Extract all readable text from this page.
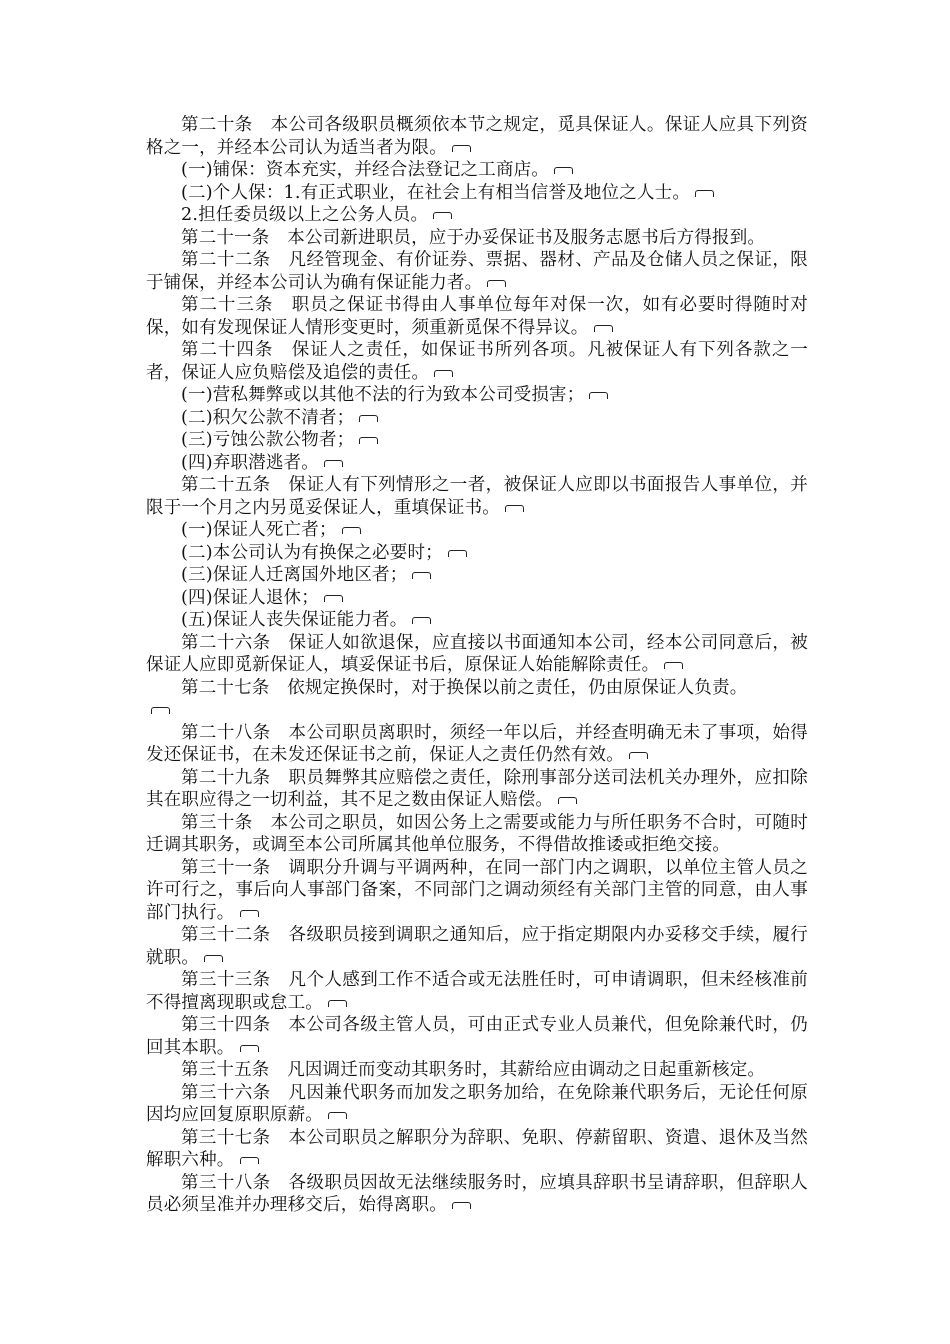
第二十条　本公司各级职员概须依本节之规定，觅具保证人。保证人应具下列资格之一，并经本公司认为适当者为限。

(一)铺保：资本充实，并经合法登记之工商店。

(二)个人保：1.有正式职业，在社会上有相当信誉及地位之人士。

2.担任委员级以上之公务人员。

第二十一条　本公司新进职员，应于办妥保证书及服务志愿书后方得报到。

第二十二条　凡经管现金、有价证券、票据、器材、产品及仓储人员之保证，限于铺保，并经本公司认为确有保证能力者。

第二十三条　职员之保证书得由人事单位每年对保一次，如有必要时得随时对保，如有发现保证人情形变更时，须重新觅保不得异议。

第二十四条　保证人之责任，如保证书所列各项。凡被保证人有下列各款之一者，保证人应负赔偿及追偿的责任。

(一)营私舞弊或以其他不法的行为致本公司受损害；

(二)积欠公款不清者；

(三)亏蚀公款公物者；

(四)弃职潜逃者。

第二十五条　保证人有下列情形之一者，被保证人应即以书面报告人事单位，并限于一个月之内另觅妥保证人，重填保证书。

(一)保证人死亡者；

(二)本公司认为有换保之必要时；

(三)保证人迁离国外地区者；

(四)保证人退休；

(五)保证人丧失保证能力者。

第二十六条　保证人如欲退保，应直接以书面通知本公司，经本公司同意后，被保证人应即觅新保证人，填妥保证书后，原保证人始能解除责任。

第二十七条　依规定换保时，对于换保以前之责任，仍由原保证人负责。

第二十八条　本公司职员离职时，须经一年以后，并经查明确无未了事项，始得发还保证书，在未发还保证书之前，保证人之责任仍然有效。

第二十九条　职员舞弊其应赔偿之责任，除刑事部分送司法机关办理外，应扣除其在职应得之一切利益，其不足之数由保证人赔偿。

第三十条　本公司之职员，如因公务上之需要或能力与所任职务不合时，可随时迁调其职务，或调至本公司所属其他单位服务，不得借故推诿或拒绝交接。

第三十一条　调职分升调与平调两种，在同一部门内之调职，以单位主管人员之许可行之，事后向人事部门备案，不同部门之调动须经有关部门主管的同意，由人事部门执行。

第三十二条　各级职员接到调职之通知后，应于指定期限内办妥移交手续，履行就职。

第三十三条　凡个人感到工作不适合或无法胜任时，可申请调职，但未经核准前不得擅离现职或怠工。

第三十四条　本公司各级主管人员，可由正式专业人员兼代，但免除兼代时，仍回其本职。

第三十五条　凡因调迁而变动其职务时，其薪给应由调动之日起重新核定。

第三十六条　凡因兼代职务而加发之职务加给，在免除兼代职务后，无论任何原因均应回复原职原薪。

第三十七条　本公司职员之解职分为辞职、免职、停薪留职、资遣、退休及当然解职六种。

第三十八条　各级职员因故无法继续服务时，应填具辞职书呈请辞职，但辞职人员必须呈准并办理移交后，始得离职。
